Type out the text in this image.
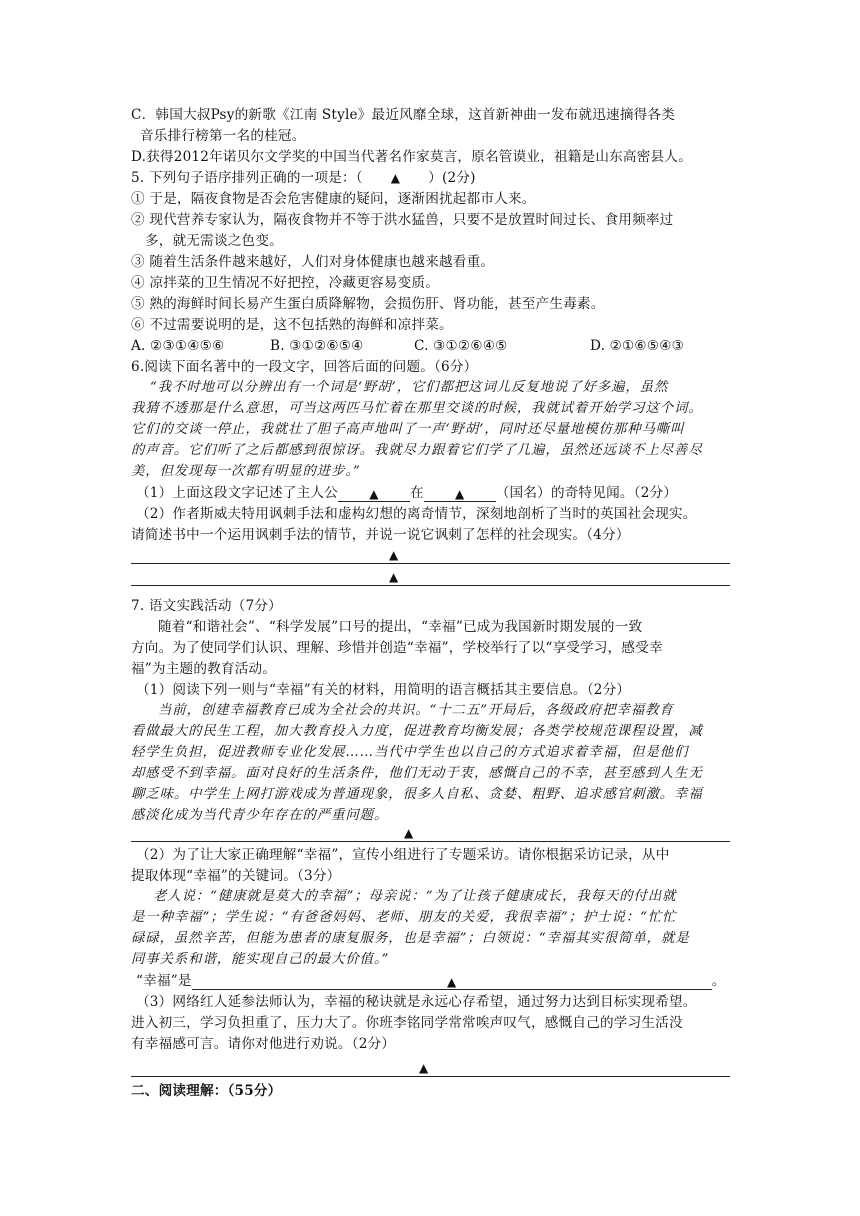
C．韩国大叔Psy的新歌《江南 Style》最近风靡全球，这首新神曲一发布就迅速摘得各类
音乐排行榜第一名的桂冠。
D.获得2012年诺贝尔文学奖的中国当代著名作家莫言，原名管谟业，祖籍是山东高密县人。
5. 下列句子语序排列正确的一项是：（ ▲ ）(2分)
① 于是，隔夜食物是否会危害健康的疑问，逐渐困扰起都市人来。
② 现代营养专家认为，隔夜食物并不等于洪水猛兽，只要不是放置时间过长、食用频率过
多，就无需谈之色变。
③ 随着生活条件越来越好，人们对身体健康也越来越看重。
④ 凉拌菜的卫生情况不好把控，冷藏更容易变质。
⑤ 熟的海鲜时间长易产生蛋白质降解物，会损伤肝、肾功能，甚至产生毒素。
⑥ 不过需要说明的是，这不包括熟的海鲜和凉拌菜。
A. ②③①④⑤⑥	B. ③①②⑥⑤④	C. ③①②⑥④⑤	D. ②①⑥⑤④③
6.阅读下面名著中的一段文字，回答后面的问题。（6分）
“我不时地可以分辨出有一个词是‘野胡’，它们都把这词儿反复地说了好多遍，虽然
我猜不透那是什么意思，可当这两匹马忙着在那里交谈的时候，我就试着开始学习这个词。
它们的交谈一停止，我就壮了胆子高声地叫了一声‘野胡’，同时还尽量地模仿那种马嘶叫
的声音。它们听了之后都感到很惊讶。我就尽力跟着它们学了几遍，虽然还远谈不上尽善尽
美，但发现每一次都有明显的进步。”
（1）上面这段文字记述了主人公	▲ 在	▲ （国名）的奇特见闻。（2分）
（2）作者斯威夫特用讽刺手法和虚构幻想的离奇情节，深刻地剖析了当时的英国社会现实。
请简述书中一个运用讽刺手法的情节，并说一说它讽刺了怎样的社会现实。（4分）
▲
▲
7. 语文实践活动（7分）
随着“和谐社会”、“科学发展”口号的提出，“幸福”已成为我国新时期发展的一致
方向。为了使同学们认识、理解、珍惜并创造“幸福”，学校举行了以“享受学习，感受幸
福”为主题的教育活动。
（1）阅读下列一则与“幸福”有关的材料，用简明的语言概括其主要信息。（2分）
当前，创建幸福教育已成为全社会的共识。“十二五”开局后，各级政府把幸福教育
看做最大的民生工程，加大教育投入力度，促进教育均衡发展；各类学校规范课程设置，减
轻学生负担，促进教师专业化发展……当代中学生也以自己的方式追求着幸福，但是他们
却感受不到幸福。面对良好的生活条件，他们无动于衷，感慨自己的不幸，甚至感到人生无
聊乏味。中学生上网打游戏成为普通现象，很多人自私、贪婪、粗野、追求感官刺激。幸福
感淡化成为当代青少年存在的严重问题。
▲
（2）为了让大家正确理解“幸福”，宣传小组进行了专题采访。请你根据采访记录，从中
提取体现“幸福”的关键词。（3分）
老人说：“健康就是莫大的幸福”；母亲说：“为了让孩子健康成长，我每天的付出就
是一种幸福”；学生说：“有爸爸妈妈、老师、朋友的关爱，我很幸福”；护士说：“忙忙
碌碌，虽然辛苦，但能为患者的康复服务，也是幸福”；白领说：“幸福其实很简单，就是
同事关系和谐，能实现自己的最大价值。”
“幸福”是	▲	。
（3）网络红人延参法师认为，幸福的秘诀就是永远心存希望，通过努力达到目标实现希望。
进入初三，学习负担重了，压力大了。你班李铭同学常常唉声叹气，感慨自己的学习生活没
有幸福感可言。请你对他进行劝说。（2分）
▲
二、阅读理解：（55分）
